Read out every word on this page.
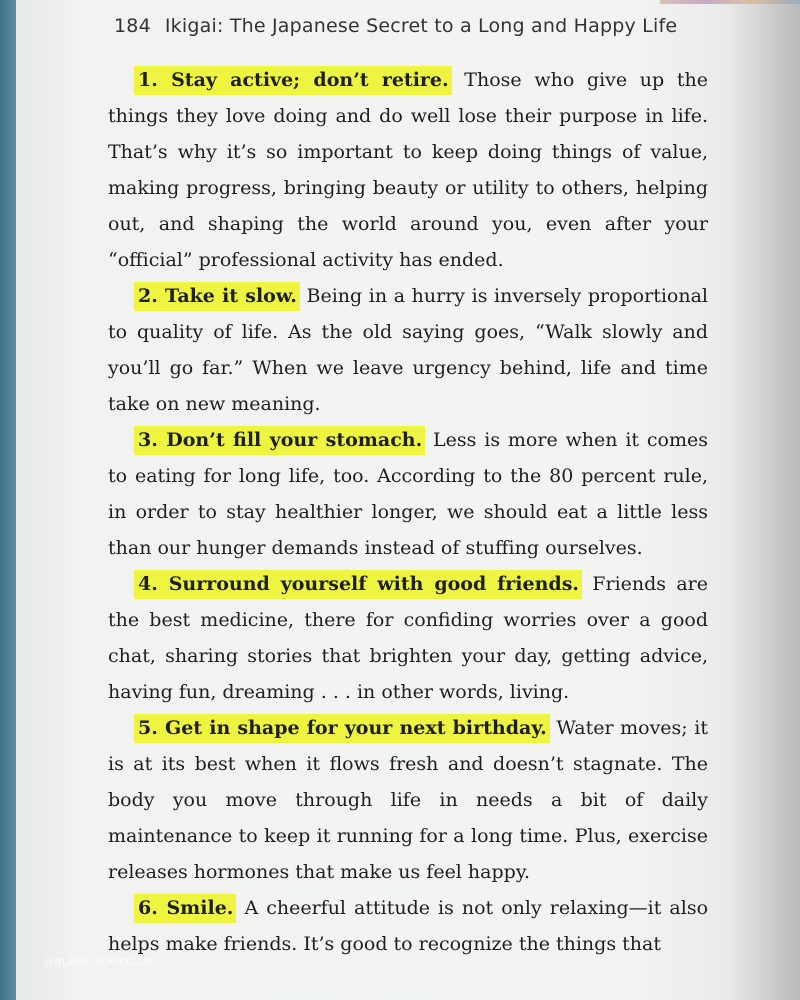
184 Ikigai: The Japanese Secret to a Long and Happy Life

1. Stay active; don’t retire. Those who give up the things they love doing and do well lose their purpose in life. That’s why it’s so important to keep doing things of value, making progress, bringing beauty or utility to others, helping out, and shaping the world around you, even after your “official” professional activity has ended.

2. Take it slow. Being in a hurry is inversely proportional to quality of life. As the old saying goes, “Walk slowly and you’ll go far.” When we leave urgency behind, life and time take on new meaning.

3. Don’t fill your stomach. Less is more when it comes to eating for long life, too. According to the 80 percent rule, in order to stay healthier longer, we should eat a little less than our hunger demands instead of stuffing ourselves.

4. Surround yourself with good friends. Friends are the best medicine, there for confiding worries over a good chat, sharing stories that brighten your day, getting advice, having fun, dreaming . . . in other words, living.

5. Get in shape for your next birthday. Water moves; it is at its best when it flows fresh and doesn’t stagnate. The body you move through life in needs a bit of daily maintenance to keep it running for a long time. Plus, exercise releases hormones that make us feel happy.

6. Smile. A cheerful attitude is not only relaxing—it also helps make friends. It’s good to recognize the things that

@BLAKE_BOOKCLUB
